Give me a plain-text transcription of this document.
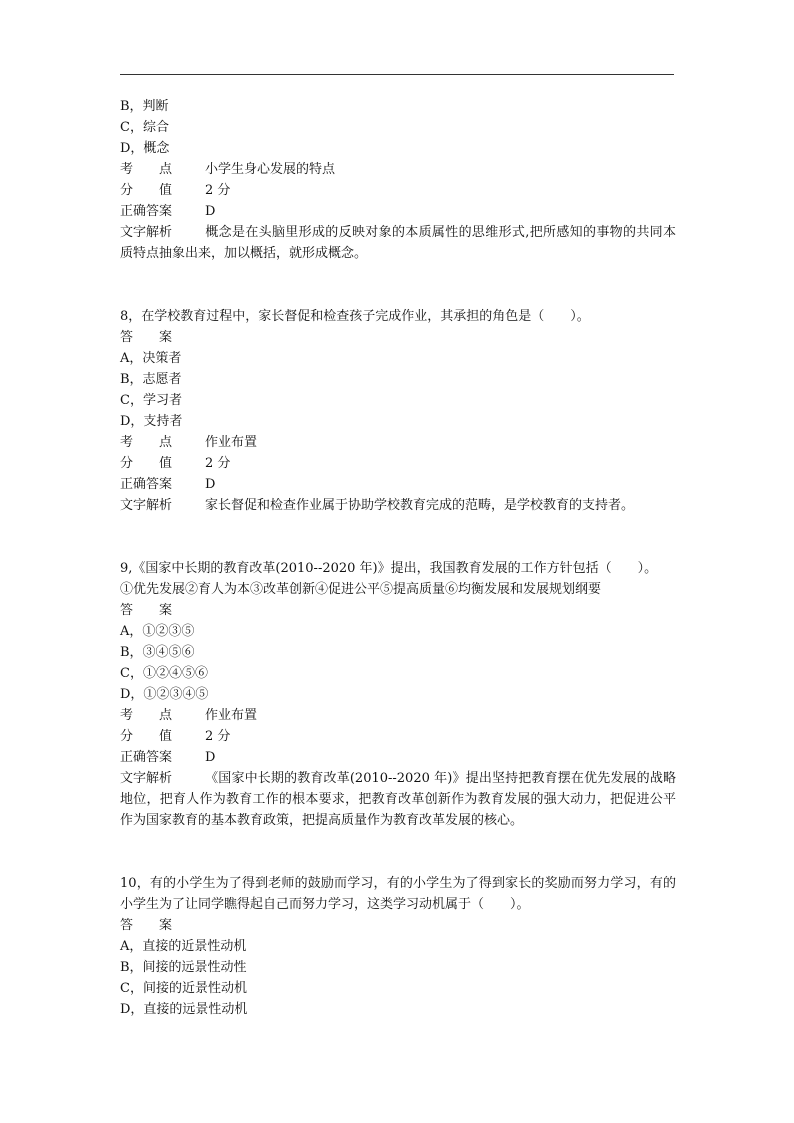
B，判断
C，综合
D，概念
考　　点	小学生身心发展的特点
分　　值	2 分
正确答案	D
文字解析	概念是在头脑里形成的反映对象的本质属性的思维形式,把所感知的事物的共同本质特点抽象出来，加以概括，就形成概念。
8，在学校教育过程中，家长督促和检查孩子完成作业，其承担的角色是（　　）。
答　　案
A，决策者
B，志愿者
C，学习者
D，支持者
考　　点	作业布置
分　　值	2 分
正确答案	D
文字解析	家长督促和检查作业属于协助学校教育完成的范畴，是学校教育的支持者。
9,《国家中长期的教育改革(2010--2020 年)》提出，我国教育发展的工作方针包括（　　）。
①优先发展②育人为本③改革创新④促进公平⑤提高质量⑥均衡发展和发展规划纲要
答　　案
A，①②③⑤
B，③④⑤⑥
C，①②④⑤⑥
D，①②③④⑤
考　　点	作业布置
分　　值	2 分
正确答案	D
文字解析	《国家中长期的教育改革(2010--2020 年)》提出坚持把教育摆在优先发展的战略地位，把育人作为教育工作的根本要求，把教育改革创新作为教育发展的强大动力，把促进公平作为国家教育的基本教育政策，把提高质量作为教育改革发展的核心。
10，有的小学生为了得到老师的鼓励而学习，有的小学生为了得到家长的奖励而努力学习，有的小学生为了让同学瞧得起自己而努力学习，这类学习动机属于（　　）。
答　　案
A，直接的近景性动机
B，间接的远景性动性
C，间接的近景性动机
D，直接的远景性动机
